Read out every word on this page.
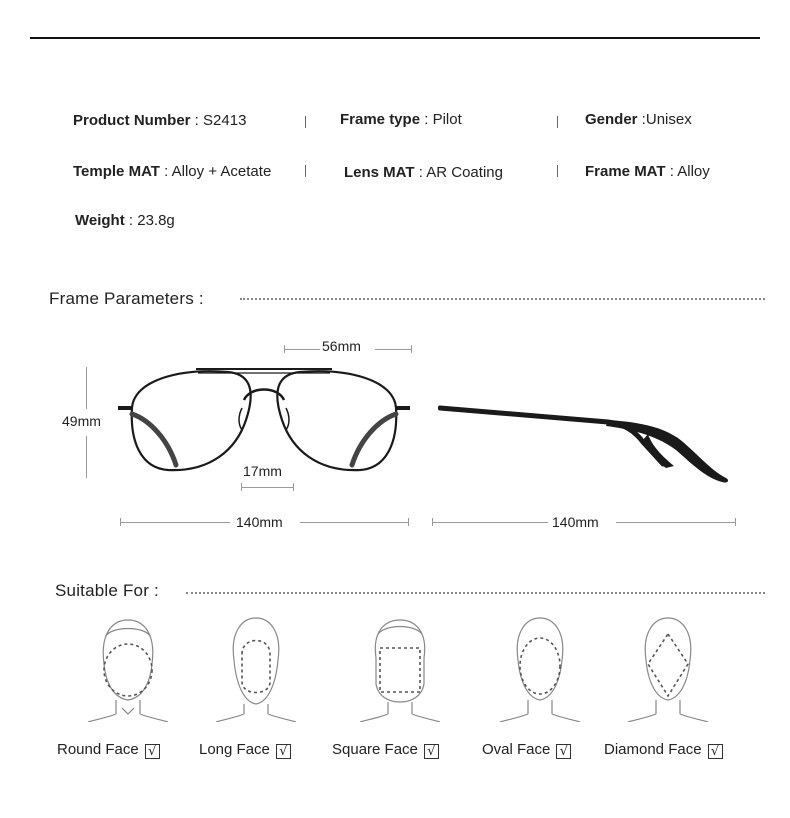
Product Number : S2413	Frame type : Pilot	Gender :Unisex
Temple MAT : Alloy + Acetate	Lens MAT : AR Coating	Frame MAT : Alloy
Weight : 23.8g
Frame Parameters :
56mm
49mm
17mm
140mm	140mm
Suitable For :
Round Face √	Long Face √	Square Face √	Oval Face √ Diamond Face √
